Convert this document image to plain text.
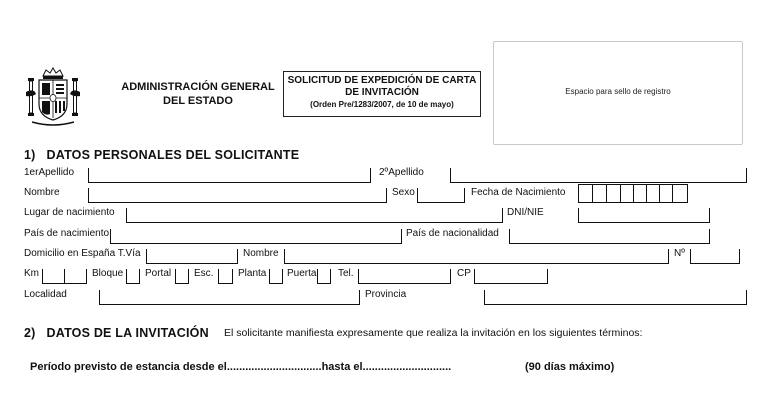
ADMINISTRACIÓN GENERAL
DEL ESTADO
SOLICITUD DE EXPEDICIÓN DE CARTA
DE INVITACIÓN
(Orden Pre/1283/2007, de 10 de mayo)
Espacio para sello de registro
1) DATOS PERSONALES DEL SOLICITANTE
1erApellido	2ºApellido
Nombre	Sexo	Fecha de Nacimiento
Lugar de nacimiento	DNI/NIE
País de nacimiento	País de nacionalidad
Domicilio en España T.Vía	Nombre	Nº
Km	Bloque Portal Esc. Planta Puerta Tel.	CP
Localidad	Provincia
2) DATOS DE LA INVITACIÓN El solicitante manifiesta expresamente que realiza la invitación en los siguientes términos:
Período previsto de estancia desde el...............................hasta el.............................	(90 días máximo)
